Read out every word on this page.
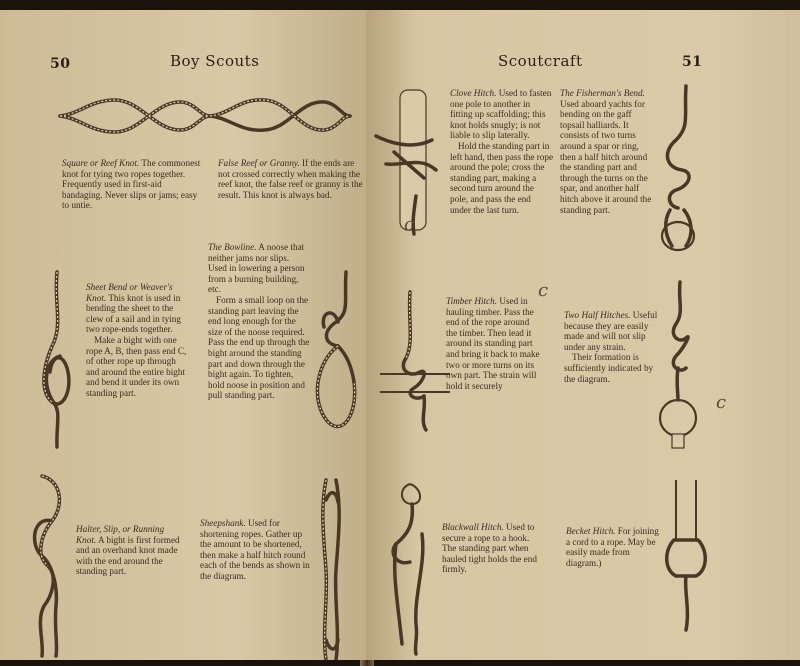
50	Boy Scouts

Square or Reef Knot. The commonest knot for tying two ropes together. Frequently used in first-aid bandaging. Never slips or jams; easy to untie.

False Reef or Granny. If the ends are not crossed correctly when making the reef knot, the false reef or granny is the result. This knot is always bad.

Sheet Bend or Weaver's Knot. This knot is used in bending the sheet to the clew of a sail and in tying two rope-ends together.

Make a bight with one rope A, B, then pass end C, of other rope up through and around the entire bight and bend it under its own standing part.

The Bowline. A noose that neither jams nor slips. Used in lowering a person from a burning building, etc.

Form a small loop on the standing part leaving the end long enough for the size of the noose required. Pass the end up through the bight around the standing part and down through the bight again. To tighten, hold noose in position and pull standing part.

Halter, Slip, or Running Knot. A bight is first formed and an overhand knot made with the end around the standing part.

Sheepshank. Used for shortening ropes. Gather up the amount to be shortened, then make a half hitch round each of the bends as shown in the diagram.

Scoutcraft	51

Clove Hitch. Used to fasten one pole to another in fitting up scaffolding; this knot holds snugly; is not liable to slip laterally.

Hold the standing part in left hand, then pass the rope around the pole; cross the standing part, making a second turn around the pole, and pass the end under the last turn.

The Fisherman's Bend. Used aboard yachts for bending on the gaff topsail halliards. It consists of two turns around a spar or ring, then a half hitch around the standing part and through the turns on the spar, and another half hitch above it around the standing part.

Timber Hitch. Used in hauling timber. Pass the end of the rope around the timber. Then lead it around its standing part and bring it back to make two or more turns on its own part. The strain will hold it securely

Two Half Hitches. Useful because they are easily made and will not slip under any strain.

Their formation is sufficiently indicated by the diagram.

Blackwall Hitch. Used to secure a rope to a hook. The standing part when hauled tight holds the end firmly.

Becket Hitch. For joining a cord to a rope. May be easily made from diagram.)

c
c
c
